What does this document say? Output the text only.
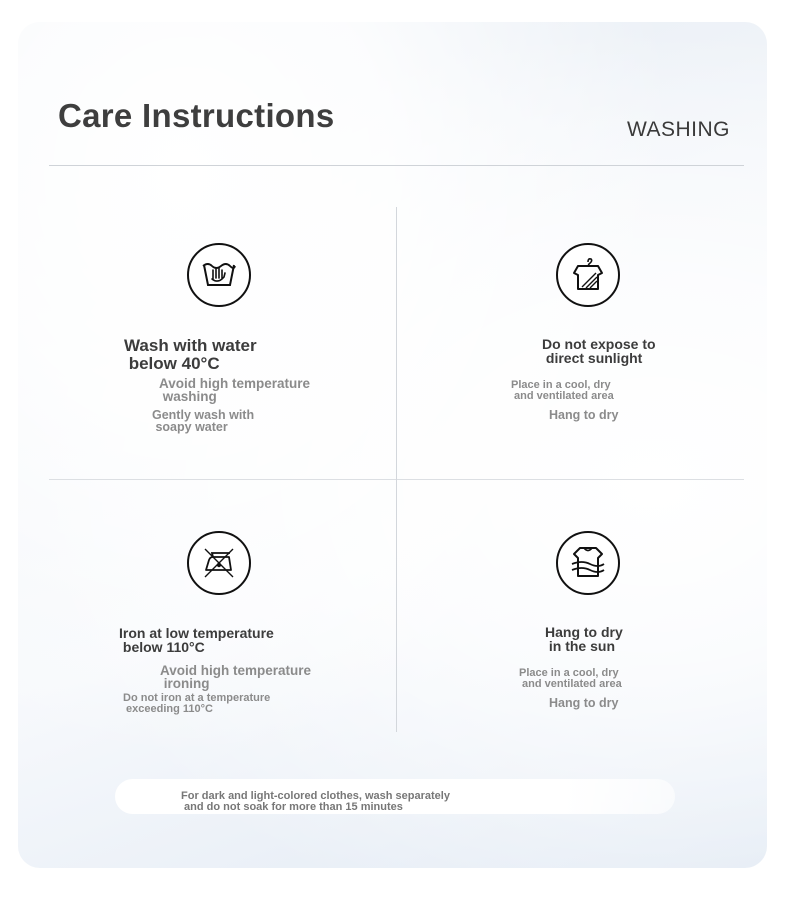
Care Instructions	WASHING
Wash with water
below 40°C
Avoid high temperature
washing
Gently wash with
soapy water
Do not expose to
direct sunlight
Place in a cool, dry
and ventilated area
Hang to dry
Iron at low temperature
below 110°C
Avoid high temperature
ironing
Do not iron at a temperature
exceeding 110°C
Hang to dry
in the sun
Place in a cool, dry
and ventilated area
Hang to dry
For dark and light-colored clothes, wash separately
and do not soak for more than 15 minutes
